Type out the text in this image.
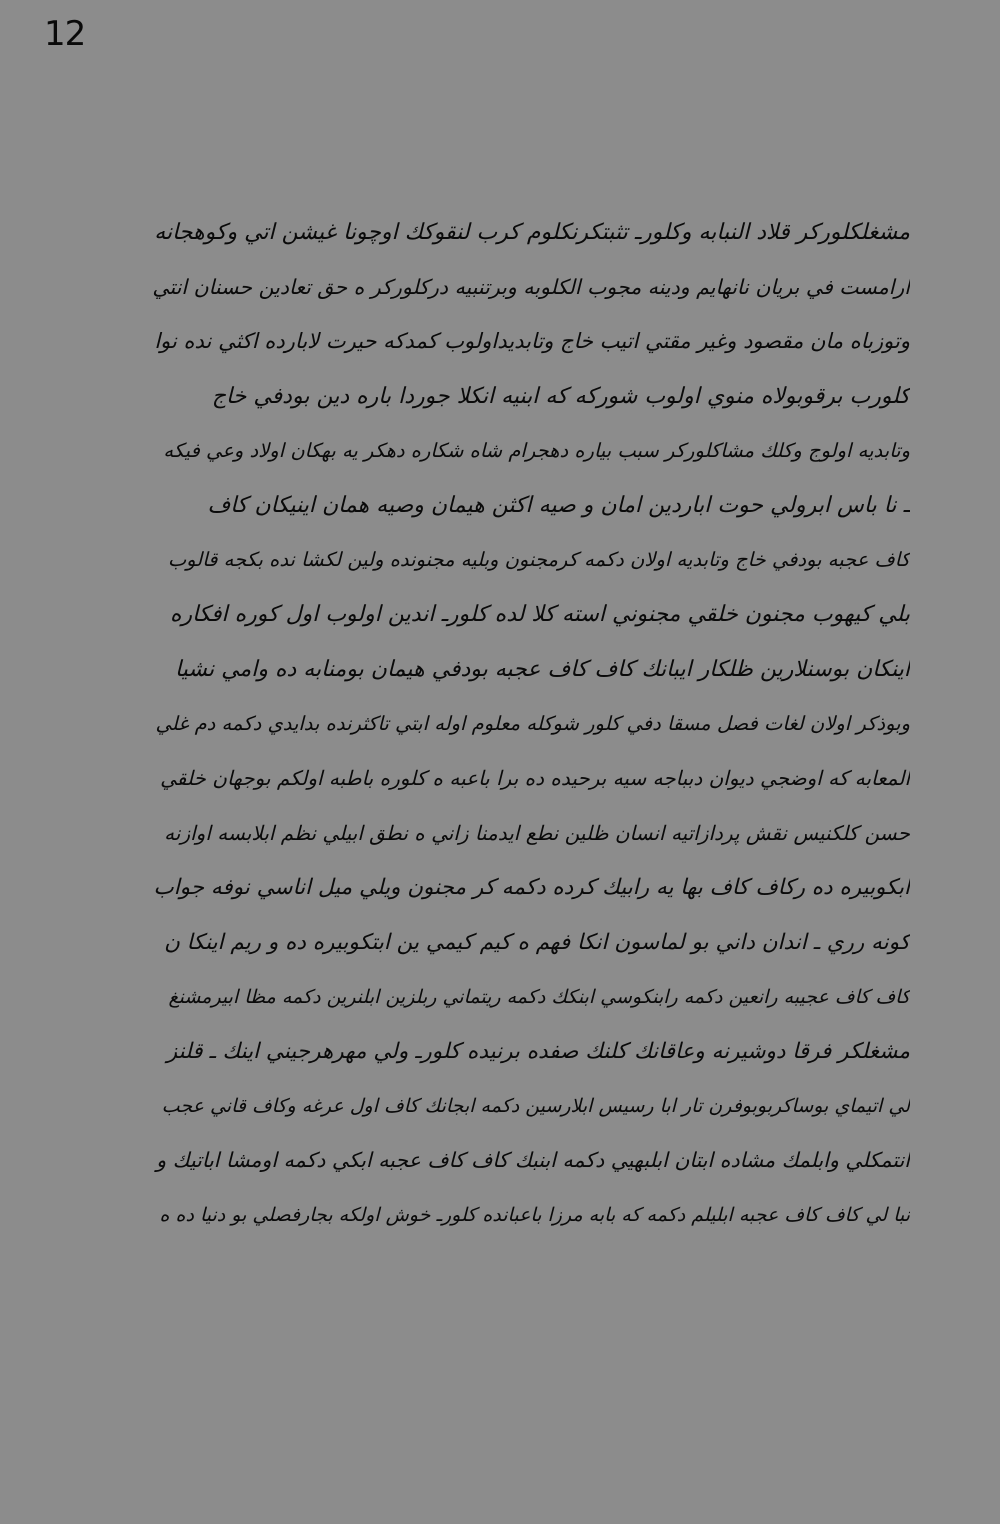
12
مشغلكلوركر قلاد النبابه وكلورـ تثبتكرنكلوم كرب لنقوكك اوچونا غيشن اتي وكوهجانه
ارامست في بريان نانهايم ودينه مجوب الكلوبه وبرتنبيه دركلوركر ه حق تعادين حسنان انتي
وتوزباه مان مقصود وغير مقتي اتيب خاج وتابديداولوب كمدكه حيرت لابارده اكثي نده نوا
كلورب برقوبولاه منوي اولوب شوركه كه ابنيه انكلا جوردا باره دين بودفي خاج
وتابديه اولوج وكلك مشاكلوركر سبب بياره دهجرام شاه شكاره دهكر يه بهكان اولاد وعي فيكه
ـ نا باس ابرولي حوت اباردين امان و صيه اكثن هيمان وصيه همان اينيكان كاف
كاف عجبه بودفي خاج وتابديه اولان دكمه كرمجنون وبليه مجنونده ولين لكشا نده بكجه قالوب
بلي كيهوب مجنون خلقي مجنوني استه كلا لده كلورـ اندين اولوب اول كوره افكاره
اينكان بوسنلارين ظلكار ايبانك كاف كاف عجبه بودفي هيمان بومنابه ده وامي نشيا
وبوذكر اولان لغات فصل مسقا دفي كلور شوكله معلوم اوله ابتي تاكثرنده بدايدي دكمه دم غلي
المعابه كه اوضجي ديوان دبباجه سيه برحيده ده برا باعبه ه كلوره باطبه اولكم بوجهان خلقي
حسن كلكنيس نقش پردازاتيه انسان ظلين نطع ايدمنا زاني ه نطق ابيلي نظم ابلابسه اوازنه
ابكوبيره ده ركاف كاف بها يه رابيك كرده دكمه كر مجنون ويلي ميل اناسي نوفه جواب
كونه رري ـ اندان داني بو لماسون انكا فهم ه كيم كيمي ين ابتكوبيره ده و ريم اينكا ن
كاف كاف عجيبه رانعين دكمه رابنكوسي ابنكك دكمه ريتماني ربلزين ابلنرين دكمه مظا ابيرمشنغ
مشغلكر فرقا دوشيرنه وعاقانك كلنك صفده برنيده كلورـ ولي مهرهرجيني اينك ـ قلنز
لي اتيماي بوساكربوبوفرن تار ابا رسيس ابلارسين دكمه ابجانك كاف اول عرغه وكاف قاني عجب
انتمكلي وابلمك مشاده ابتان ابلبهيي دكمه ابنبك كاف كاف عجبه ابكي دكمه اومشا اباتيك و
نبا لي كاف كاف عجبه ابليلم دكمه كه بابه مرزا باعبانده كلورـ خوش اولكه بجارفصلي بو دنيا ده ه
